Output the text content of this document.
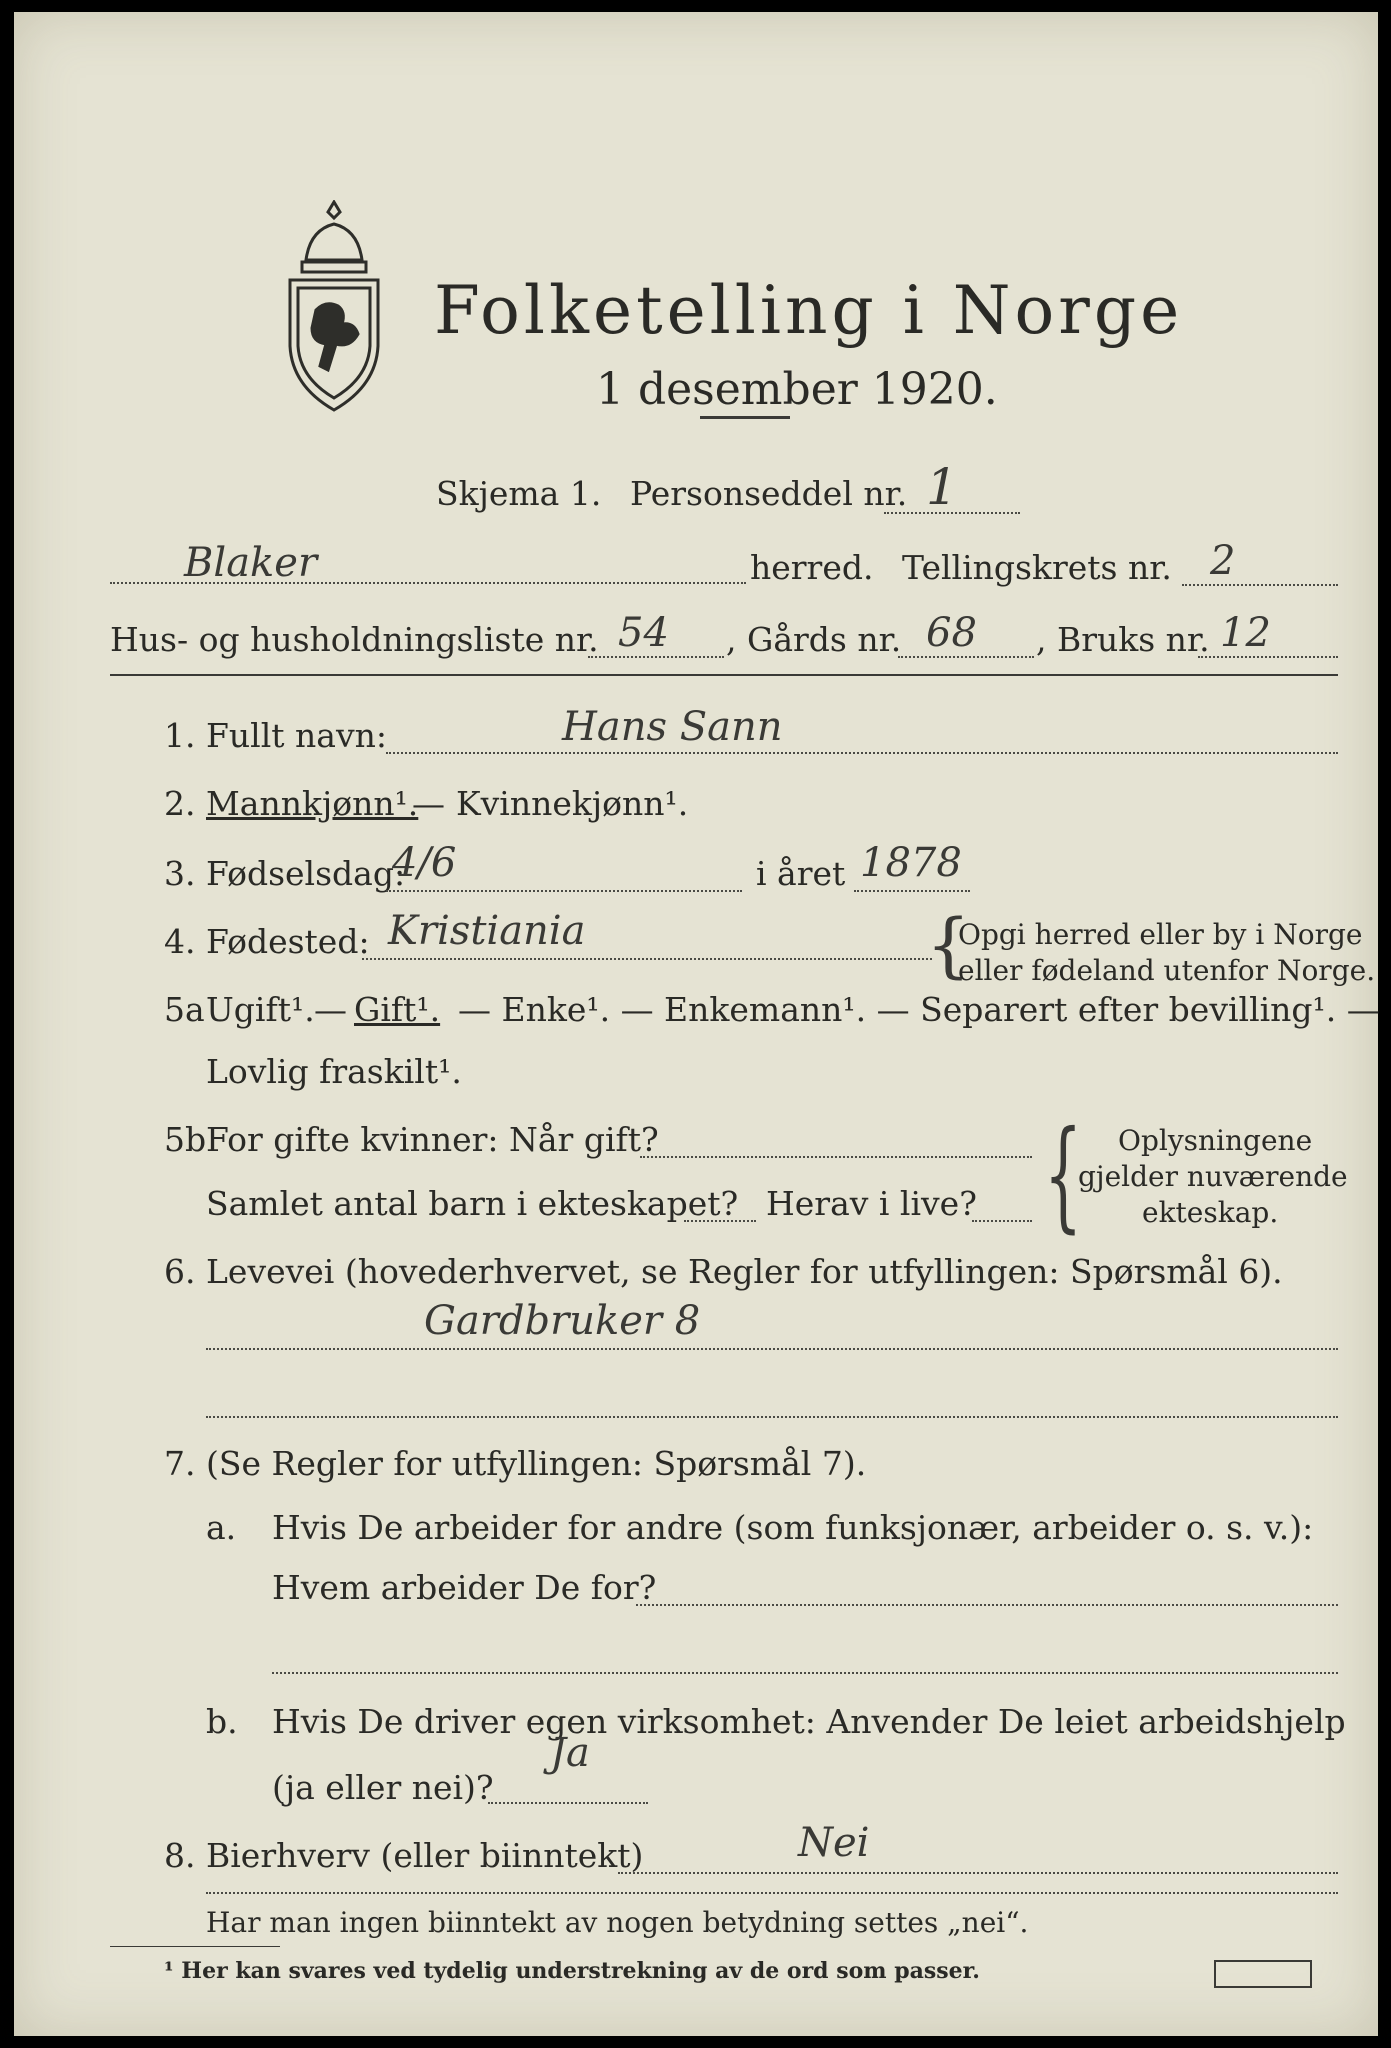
Folketelling i Norge
1 desember 1920.
Skjema 1. Personseddel nr. 1
Blaker	herred. Tellingskrets nr. 2
Hus- og husholdningsliste nr. 54 , Gårds nr. 68 , Bruks nr. 12
1. Fullt navn:	Hans Sann
2. Mannkjønn¹.
— Kvinnekjønn¹.
3. Fødselsdag:
4/6	i året 1878
4. Fødested: Kristiania	{
Opgi herred eller by i Norge
eller fødeland utenfor Norge.
5a Ugift¹. — Gift¹. — Enke¹. — Enkemann¹. — Separert efter bevilling¹. —
Lovlig fraskilt¹.
5b For gifte kvinner: Når gift?
Samlet antal barn i ekteskapet? Herav i live? { Oplysningene
gjelder nuværende
ekteskap.
6. Levevei (hovederhvervet, se Regler for utfyllingen: Spørsmål 6).
Gardbruker 8
7. (Se Regler for utfyllingen: Spørsmål 7).
a. Hvis De arbeider for andre (som funksjonær, arbeider o. s. v.):
Hvem arbeider De for?
b. Hvis De driver egen virksomhet: Anvender De leiet arbeidshjelp
(ja eller nei)?
Ja
8. Bierhverv (eller biinntekt)	Nei
Har man ingen biinntekt av nogen betydning settes „nei“.
¹ Her kan svares ved tydelig understrekning av de ord som passer.
